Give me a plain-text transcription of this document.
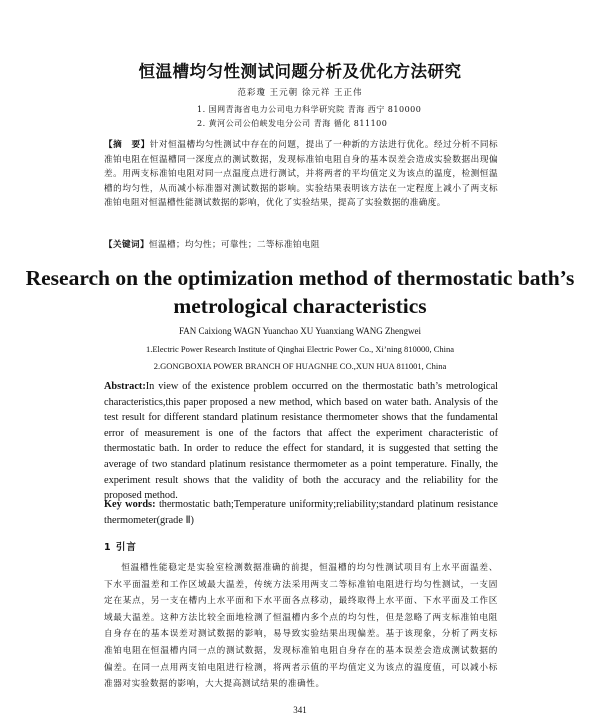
恒温槽均匀性测试问题分析及优化方法研究
范彩瓊 王元朝 徐元祥 王正伟
1. 国网青海省电力公司电力科学研究院 青海 西宁 810000
2. 黄河公司公伯峡发电分公司 青海 循化 811100
【摘　要】针对恒温槽均匀性测试中存在的问题，提出了一种新的方法进行优化。经过分析不同标准铂电阻在恒温槽同一深度点的测试数据，发现标准铂电阻自身的基本误差会造成实验数据出现偏差。用两支标准铂电阻对同一点温度点进行测试，并将两者的平均值定义为该点的温度，检测恒温槽的均匀性，从而减小标准器对测试数据的影响。实验结果表明该方法在一定程度上减小了两支标准铂电阻对恒温槽性能测试数据的影响，优化了实验结果，提高了实验数据的准确度。
【关键词】恒温槽；均匀性；可靠性；二等标准铂电阻
Research on the optimization method of thermostatic bath’s metrological characteristics
FAN Caixiong WAGN Yuanchao XU Yuanxiang WANG Zhengwei
1.Electric Power Research Institute of Qinghai Electric Power Co., Xi’ning 810000, China
2.GONGBOXIA POWER BRANCH OF HUAGNHE CO.,XUN HUA 811001, China
Abstract:In view of the existence problem occurred on the thermostatic bath’s metrological characteristics,this paper proposed a new method, which based on water bath. Analysis of the test result for different standard platinum resistance thermometer shows that the fundamental error of measurement is one of the factors that affect the experiment characteristic of thermostatic bath. In order to reduce the effect for standard, it is suggested that setting the average of two standard platinum resistance thermometer as a point temperature. Finally, the experiment result shows that the validity of both the accuracy and the reliability for the proposed method.
Key words: thermostatic bath;Temperature uniformity;reliability;standard platinum resistance thermometer(grade Ⅱ)
1 引言
恒温槽性能稳定是实验室检测数据准确的前提，恒温槽的均匀性测试项目有上水平面温差、下水平面温差和工作区域最大温差，传统方法采用两支二等标准铂电阻进行均匀性测试，一支固定在某点，另一支在槽内上水平面和下水平面各点移动，最终取得上水平面、下水平面及工作区域最大温差。这种方法比较全面地检测了恒温槽内多个点的均匀性，但是忽略了两支标准铂电阻自身存在的基本误差对测试数据的影响，易导致实验结果出现偏差。基于该现象，分析了两支标准铂电阻在恒温槽内同一点的测试数据，发现标准铂电阻自身存在的基本误差会造成测试数据的偏差。在同一点用两支铂电阻进行检测，将两者示值的平均值定义为该点的温度值，可以减小标准器对实验数据的影响，大大提高测试结果的准确性。
341
